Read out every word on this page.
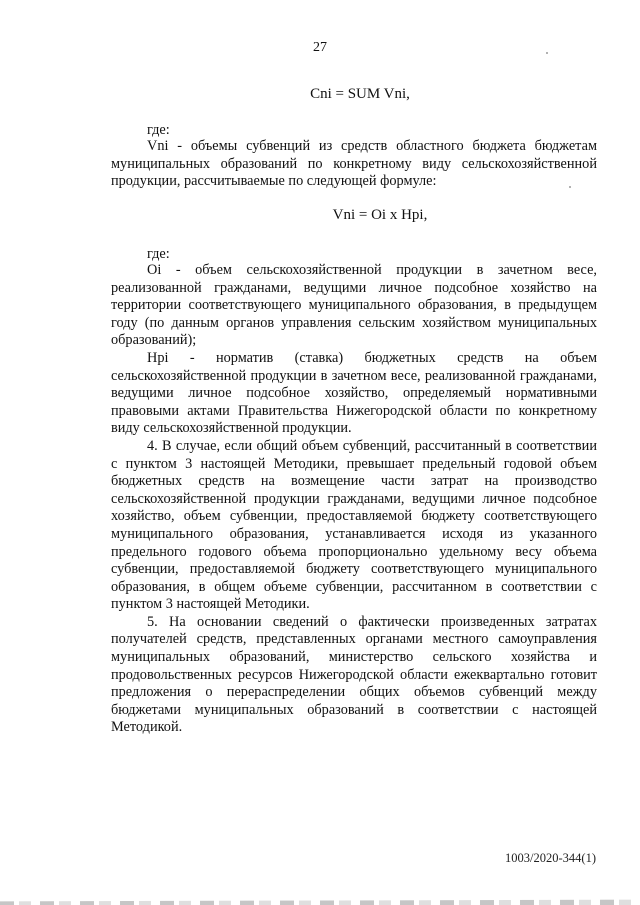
27
Cni = SUM Vni,
где:

Vni - объемы субвенций из средств областного бюджета бюджетам муниципальных образований по конкретному виду сельскохозяйственной продукции, рассчитываемые по следующей формуле:

Vni = Oi x Hpi,
где:

Oi - объем сельскохозяйственной продукции в зачетном весе, реализованной гражданами, ведущими личное подсобное хозяйство на территории соответствующего муниципального образования, в предыдущем году (по данным органов управления сельским хозяйством муниципальных образований);

Hpi - норматив (ставка) бюджетных средств на объем сельскохозяйственной продукции в зачетном весе, реализованной гражданами, ведущими личное подсобное хозяйство, определяемый нормативными правовыми актами Правительства Нижегородской области по конкретному виду сельскохозяйственной продукции.

4. В случае, если общий объем субвенций, рассчитанный в соответствии с пунктом 3 настоящей Методики, превышает предельный годовой объем бюджетных средств на возмещение части затрат на производство сельскохозяйственной продукции гражданами, ведущими личное подсобное хозяйство, объем субвенции, предоставляемой бюджету соответствующего муниципального образования, устанавливается исходя из указанного предельного годового объема пропорционально удельному весу объема субвенции, предоставляемой бюджету соответствующего муниципального образования, в общем объеме субвенции, рассчитанном в соответствии с пунктом 3 настоящей Методики.

5. На основании сведений о фактически произведенных затратах получателей средств, представленных органами местного самоуправления муниципальных образований, министерство сельского хозяйства и продовольственных ресурсов Нижегородской области ежеквартально готовит предложения о перераспределении общих объемов субвенций между бюджетами муниципальных образований в соответствии с настоящей Методикой.

1003/2020-344(1)
